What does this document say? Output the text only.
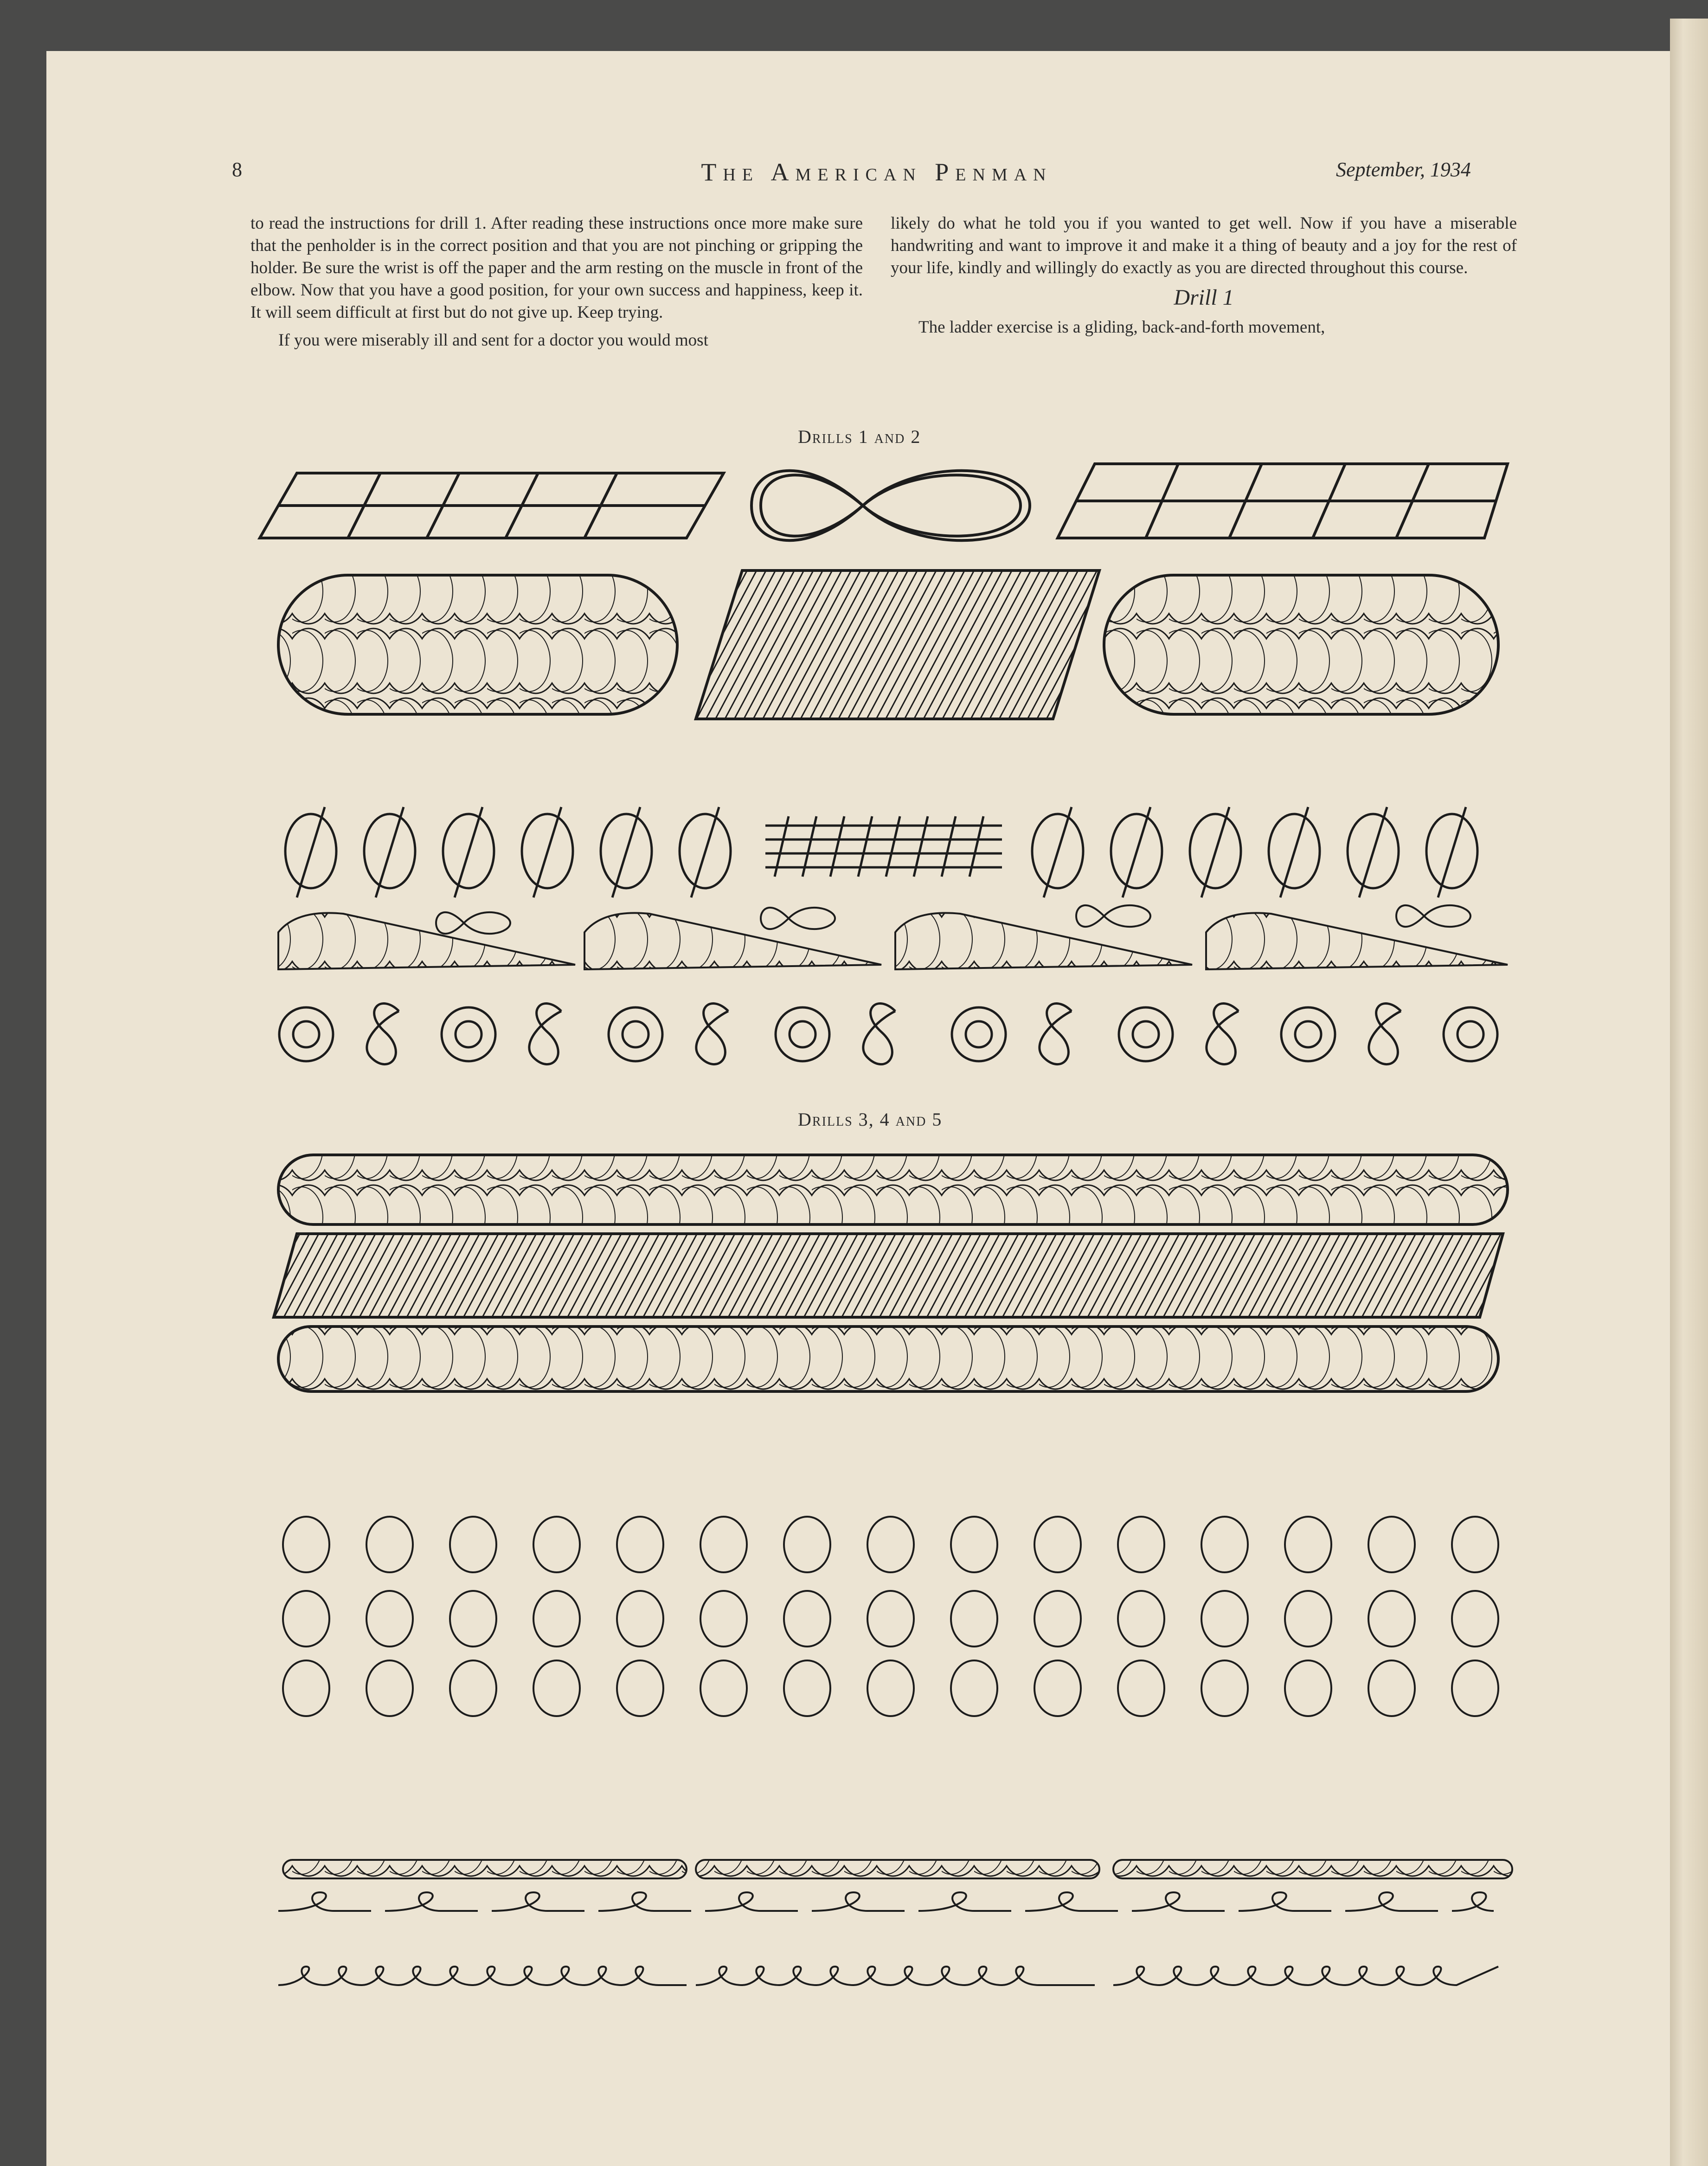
8	The American Penman	September, 1934

to read the instructions for drill 1. After reading these instructions once more make sure that the penholder is in the correct position and that you are not pinching or gripping the holder. Be sure the wrist is off the paper and the arm resting on the muscle in front of the elbow. Now that you have a good position, for your own success and happiness, keep it. It will seem difficult at first but do not give up. Keep trying.

If you were miserably ill and sent for a doctor you would most

likely do what he told you if you wanted to get well. Now if you have a miserable handwriting and want to improve it and make it a thing of beauty and a joy for the rest of your life, kindly and willingly do exactly as you are directed throughout this course.

Drill 1

The ladder exercise is a gliding, back-and-forth movement,

Drills 1 and 2
Drills 3, 4 and 5
